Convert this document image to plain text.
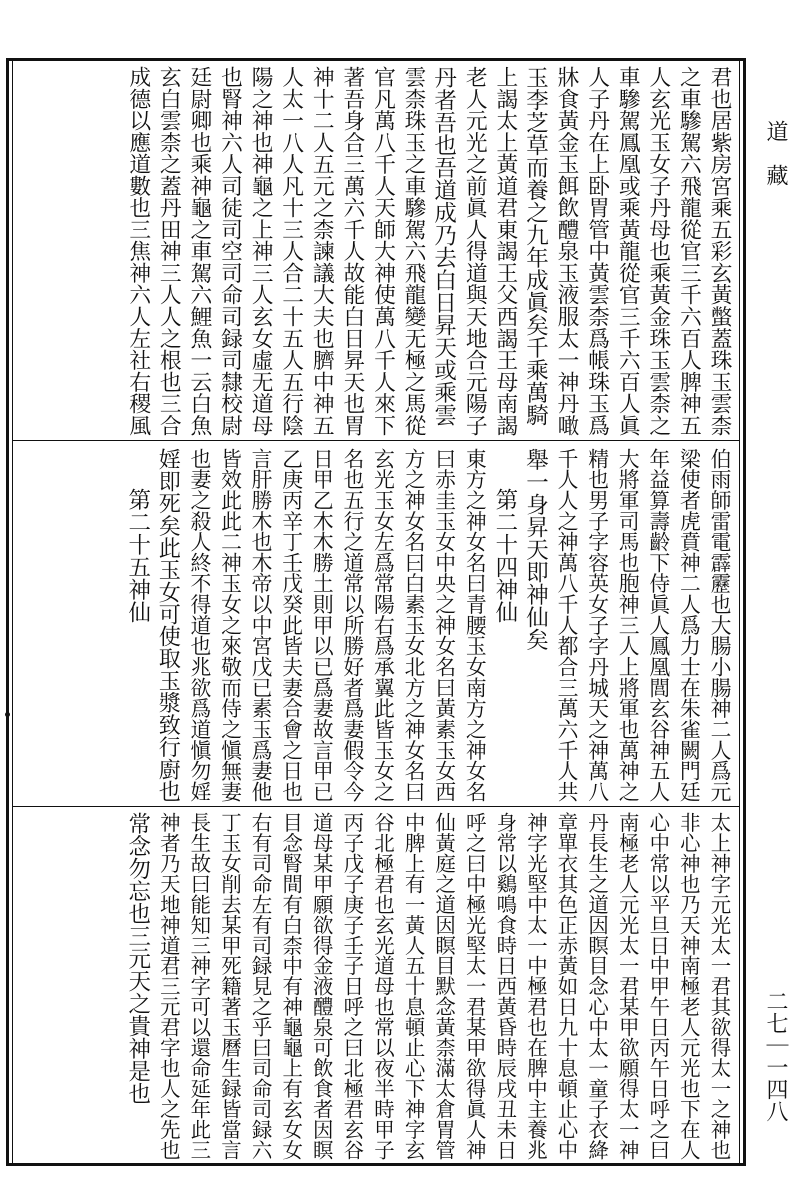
道　藏
二七｜一四八
君也居紫房宮乘五彩玄黃蟞蓋珠玉雲柰
之車驂駕六飛龍從官三千六百人脾神五
人玄光玉女子丹母也乘黃金珠玉雲柰之
車驂駕鳳凰或乘黃龍從官三千六百人眞
人子丹在上卧胃管中黃雲柰爲帳珠玉爲
牀食黃金玉餌飲醴泉玉液服太一神丹噉
玉李芝草而養之九年成眞矣千乘萬騎
上謁太上黃道君東謁王父西謁王母南謁
老人元光之前眞人得道與天地合元陽子
丹者吾也吾道成乃去白日昇天或乘雲
雲柰珠玉之車驂駕六飛龍變无極之馬從
官凡萬八千人天師大神使萬八千人來下
著吾身合三萬六千人故能白日昇天也胃
神十二人五元之柰諫議大夫也臍中神五
人太一八人凡十三人合二十五人五行陰
陽之神也神龜之上神三人玄女虛无道母
也腎神六人司徒司空司命司録司隸校尉
廷尉卿也乘神龜之車駕六鯉魚一云白魚
玄白雲柰之蓋丹田神三人人之根也三合
成德以應道數也三焦神六人左社右稷風
伯雨師雷電霹靂也大腸小腸神二人爲元
梁使者虎賁神二人爲力士在朱雀闕門廷
年益算壽齡下侍眞人鳳凰閭玄谷神五人
大將軍司馬也胞神三人上將軍也萬神之
精也男子字容英女子字丹城天之神萬八
千人人之神萬八千人都合三萬六千人共
舉一身昇天即神仙矣
第二十四神仙
東方之神女名曰青腰玉女南方之神女名
曰赤圭玉女中央之神女名曰黃素玉女西
方之神女名曰白素玉女北方之神女名曰
玄光玉女左爲常陽右爲承翼此皆玉女之
名也五行之道常以所勝好者爲妻假令今
日甲乙木木勝土則甲以已爲妻故言甲已
乙庚丙辛丁壬戊癸此皆夫妻合會之日也
言肝勝木也木帝以中宮戊已素玉爲妻他
皆效此此二神玉女之來敬而侍之愼無妻
也妻之殺人終不得道也兆欲爲道愼勿婬
婬即死矣此玉女可使取玉漿致行廚也
第二十五神仙
太上神字元光太一君其欲得太一之神也
非心神也乃天神南極老人元光也下在人
心中常以平旦日中甲午日丙午日呼之曰
南極老人元光太一君某甲欲願得太一神
丹長生之道因瞑目念心中太一童子衣絳
章單衣其色正赤黃如日九十息頓止心中
神字光堅中太一中極君也在脾中主養兆
身常以鷄鳴食時日西黃昏時辰戌丑未日
呼之曰中極光堅太一君某甲欲得眞人神
仙黃庭之道因瞑目默念黃柰滿太倉胃管
中脾上有一黃人五十息頓止心下神字玄
谷北極君也玄光道母也常以夜半時甲子
丙子戊子庚子壬子日呼之曰北極君玄谷
道母某甲願欲得金液醴泉可飲食者因瞑
目念腎間有白柰中有神龜龜上有玄女女
右有司命左有司録見之乎曰司命司録六
丁玉女削去某甲死籍著玉曆生録皆當言
長生故曰能知三神字可以還命延年此三
神者乃天地神道君三元君字也人之先也
常念勿忘也三元天之貴神是也
